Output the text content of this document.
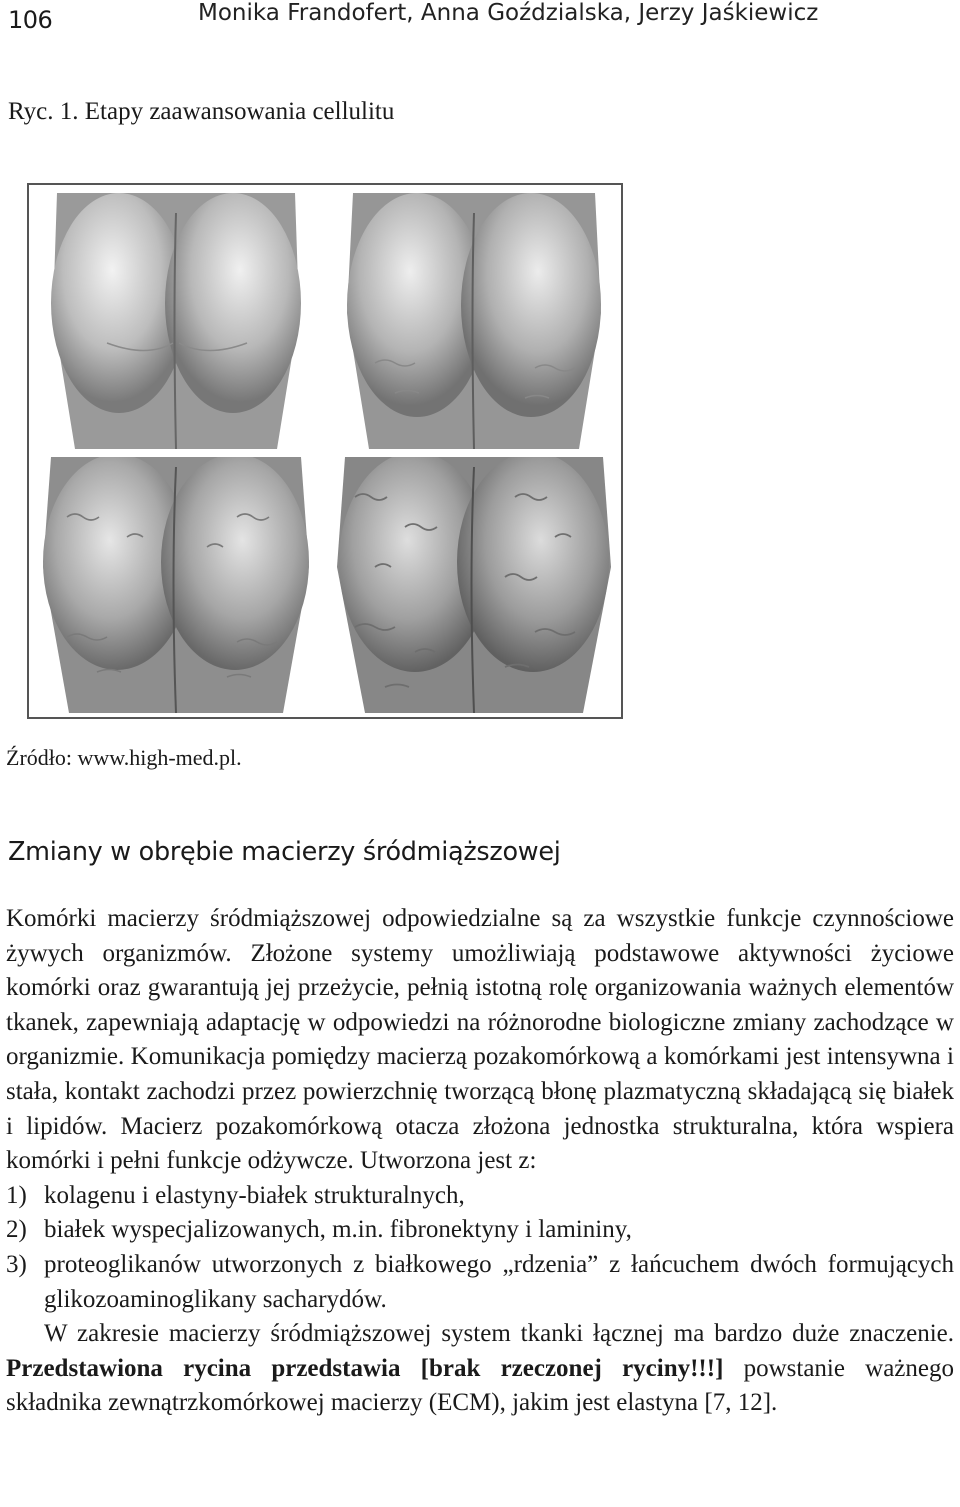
106	Monika Frandofert, Anna Goździalska, Jerzy Jaśkiewicz
Ryc. 1. Etapy zaawansowania cellulitu
Źródło: www.high-med.pl.
Zmiany w obrębie macierzy śródmiąższowej

Komórki macierzy śródmiąższowej odpowiedzialne są za wszystkie funkcje czynnościowe żywych organizmów. Złożone systemy umożliwiają podstawowe aktywności życiowe komórki oraz gwarantują jej przeżycie, pełnią istotną rolę organizowania ważnych elementów tkanek, zapewniają adaptację w odpowiedzi na różnorodne biologiczne zmiany zachodzące w organizmie. Komunikacja pomiędzy macierzą pozakomórkową a komórkami jest intensywna i stała, kontakt zachodzi przez powierzchnię tworzącą błonę plazmatyczną składającą się białek i lipidów. Macierz pozakomórkową otacza złożona jednostka strukturalna, która wspiera komórki i pełni funkcje odżywcze. Utworzona jest z:

1) kolagenu i elastyny-białek strukturalnych,
2) białek wyspecjalizowanych, m.in. fibronektyny i lamininy,
3) proteoglikanów utworzonych z białkowego „rdzenia” z łańcuchem dwóch formujących glikozoaminoglikany sacharydów.

W zakresie macierzy śródmiąższowej system tkanki łącznej ma bardzo duże znaczenie. Przedstawiona rycina przedstawia [brak rzeczonej ryciny!!!] powstanie ważnego składnika zewnątrzkomórkowej macierzy (ECM), jakim jest elastyna [7, 12].
